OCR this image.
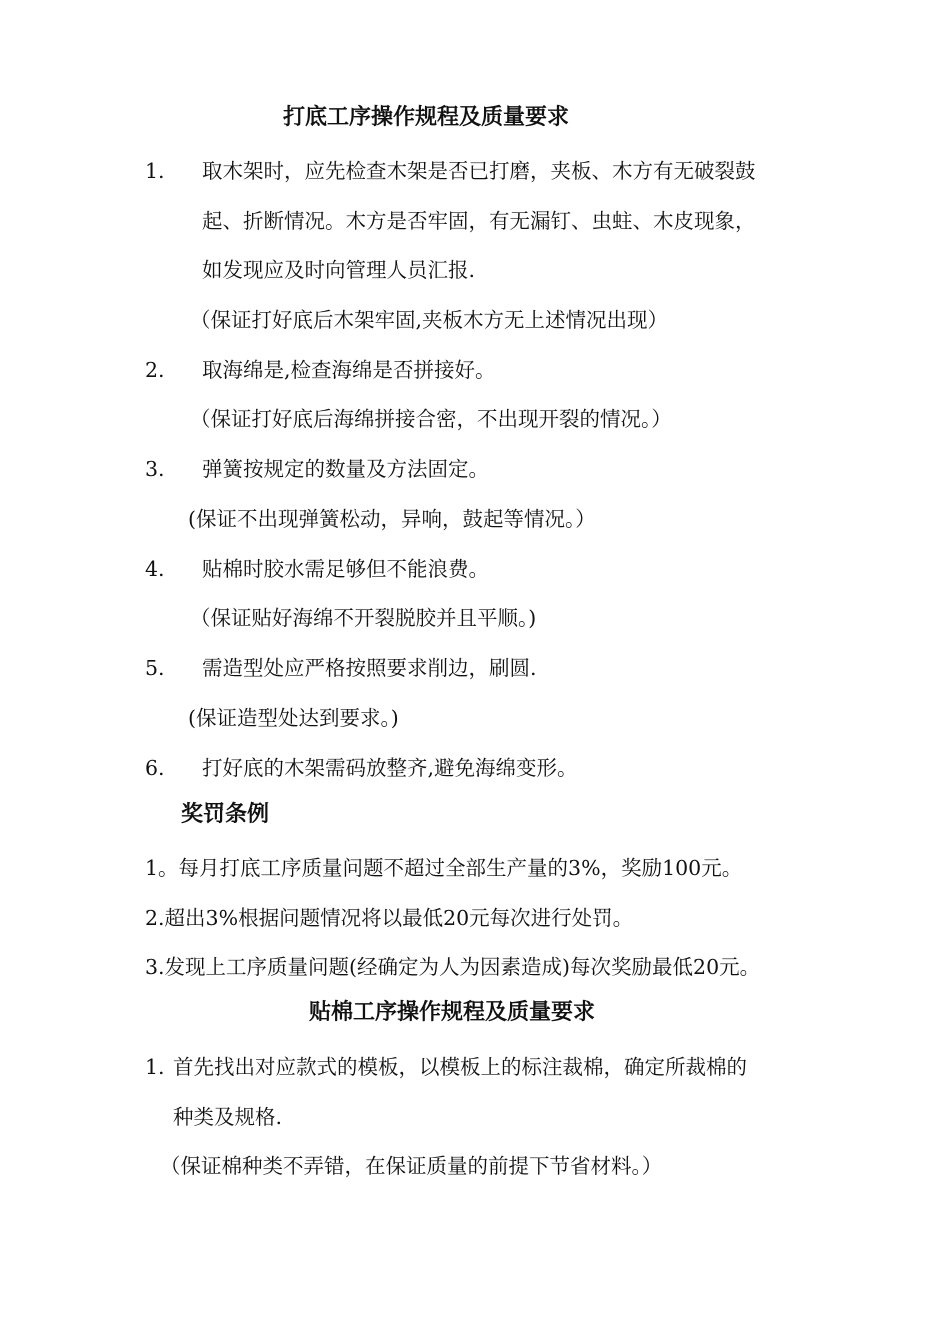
打底工序操作规程及质量要求
1. 取木架时，应先检查木架是否已打磨，夹板、木方有无破裂鼓
起、折断情况。木方是否牢固，有无漏钉、虫蛀、木皮现象，
如发现应及时向管理人员汇报.
（保证打好底后木架牢固,夹板木方无上述情况出现）
2. 取海绵是,检查海绵是否拼接好。
（保证打好底后海绵拼接合密，不出现开裂的情况。）
3. 弹簧按规定的数量及方法固定。
(保证不出现弹簧松动，异响，鼓起等情况。）
4. 贴棉时胶水需足够但不能浪费。
（保证贴好海绵不开裂脱胶并且平顺。)
5. 需造型处应严格按照要求削边，刷圆.
(保证造型处达到要求。)
6. 打好底的木架需码放整齐,避免海绵变形。
奖罚条例
1。每月打底工序质量问题不超过全部生产量的3%，奖励100元。
2.超出3%根据问题情况将以最低20元每次进行处罚。
3.发现上工序质量问题(经确定为人为因素造成)每次奖励最低20元。
贴棉工序操作规程及质量要求
1. 首先找出对应款式的模板，以模板上的标注裁棉，确定所裁棉的
种类及规格.
（保证棉种类不弄错，在保证质量的前提下节省材料。）
